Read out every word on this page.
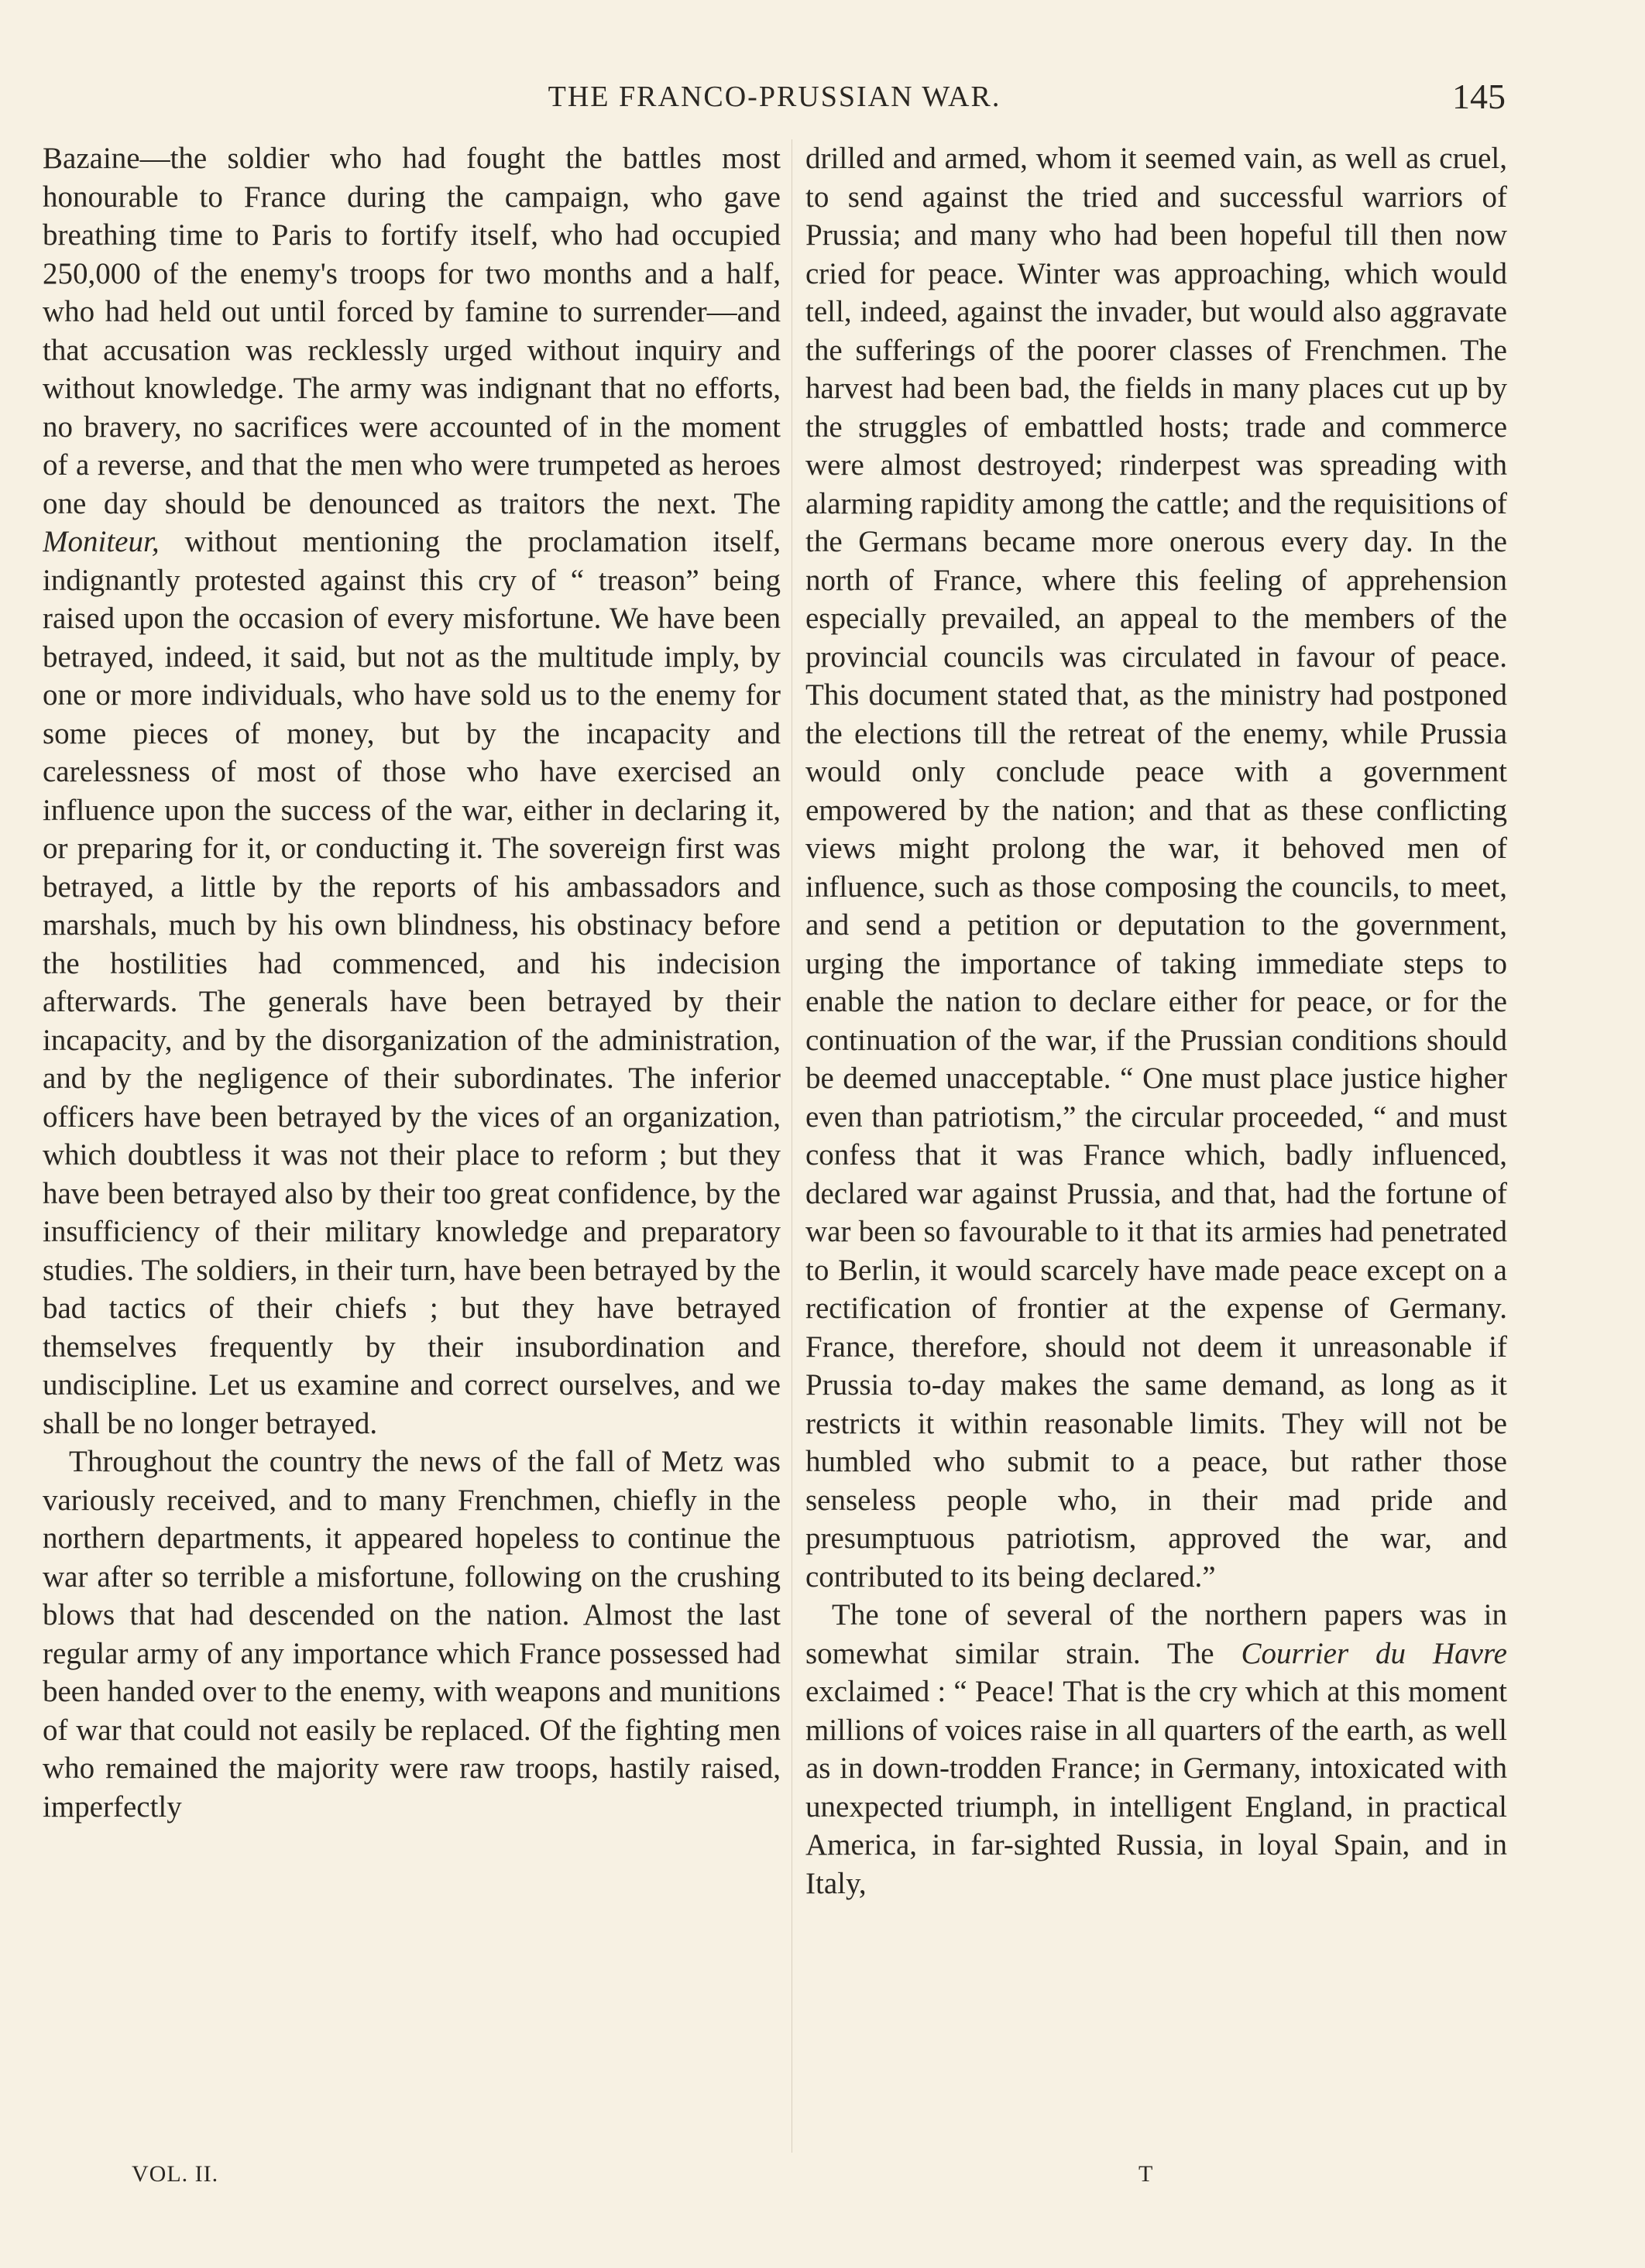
THE FRANCO-PRUSSIAN WAR.	145

Bazaine—the soldier who had fought the battles most honourable to France during the campaign, who gave breathing time to Paris to fortify itself, who had occupied 250,000 of the enemy's troops for two months and a half, who had held out until forced by famine to surrender—and that accusation was recklessly urged without inquiry and without knowledge. The army was indignant that no efforts, no bravery, no sacrifices were accounted of in the moment of a reverse, and that the men who were trumpeted as heroes one day should be denounced as traitors the next. The Moniteur, without mentioning the proclamation itself, indignantly protested against this cry of “ treason” being raised upon the occasion of every misfortune. We have been betrayed, indeed, it said, but not as the multitude imply, by one or more individuals, who have sold us to the enemy for some pieces of money, but by the incapacity and carelessness of most of those who have exercised an influence upon the success of the war, either in declaring it, or preparing for it, or conducting it. The sovereign first was betrayed, a little by the reports of his ambassadors and marshals, much by his own blindness, his obstinacy before the hostilities had commenced, and his indecision afterwards. The generals have been betrayed by their incapacity, and by the disorganization of the administration, and by the negligence of their subordinates. The inferior officers have been betrayed by the vices of an organization, which doubtless it was not their place to reform ; but they have been betrayed also by their too great confidence, by the insufficiency of their military knowledge and preparatory studies. The soldiers, in their turn, have been betrayed by the bad tactics of their chiefs ; but they have betrayed themselves frequently by their insubordination and undiscipline. Let us examine and correct ourselves, and we shall be no longer betrayed.

Throughout the country the news of the fall of Metz was variously received, and to many Frenchmen, chiefly in the northern departments, it appeared hopeless to continue the war after so terrible a misfortune, following on the crushing blows that had descended on the nation. Almost the last regular army of any importance which France possessed had been handed over to the enemy, with weapons and munitions of war that could not easily be replaced. Of the fighting men who remained the majority were raw troops, hastily raised, imperfectly

drilled and armed, whom it seemed vain, as well as cruel, to send against the tried and successful warriors of Prussia; and many who had been hopeful till then now cried for peace. Winter was approaching, which would tell, indeed, against the invader, but would also aggravate the sufferings of the poorer classes of Frenchmen. The harvest had been bad, the fields in many places cut up by the struggles of embattled hosts; trade and commerce were almost destroyed; rinderpest was spreading with alarming rapidity among the cattle; and the requisitions of the Germans became more onerous every day. In the north of France, where this feeling of apprehension especially prevailed, an appeal to the members of the provincial councils was circulated in favour of peace. This document stated that, as the ministry had postponed the elections till the retreat of the enemy, while Prussia would only conclude peace with a government empowered by the nation; and that as these conflicting views might prolong the war, it behoved men of influence, such as those composing the councils, to meet, and send a petition or deputation to the government, urging the importance of taking immediate steps to enable the nation to declare either for peace, or for the continuation of the war, if the Prussian conditions should be deemed unacceptable. “ One must place justice higher even than patriotism,” the circular proceeded, “ and must confess that it was France which, badly influenced, declared war against Prussia, and that, had the fortune of war been so favourable to it that its armies had penetrated to Berlin, it would scarcely have made peace except on a rectification of frontier at the expense of Germany. France, therefore, should not deem it unreasonable if Prussia to-day makes the same demand, as long as it restricts it within reasonable limits. They will not be humbled who submit to a peace, but rather those senseless people who, in their mad pride and presumptuous patriotism, approved the war, and contributed to its being declared.”

The tone of several of the northern papers was in somewhat similar strain. The Courrier du Havre exclaimed : “ Peace! That is the cry which at this moment millions of voices raise in all quarters of the earth, as well as in down-trodden France; in Germany, intoxicated with unexpected triumph, in intelligent England, in practical America, in far-sighted Russia, in loyal Spain, and in Italy,

VOL. II.	T
